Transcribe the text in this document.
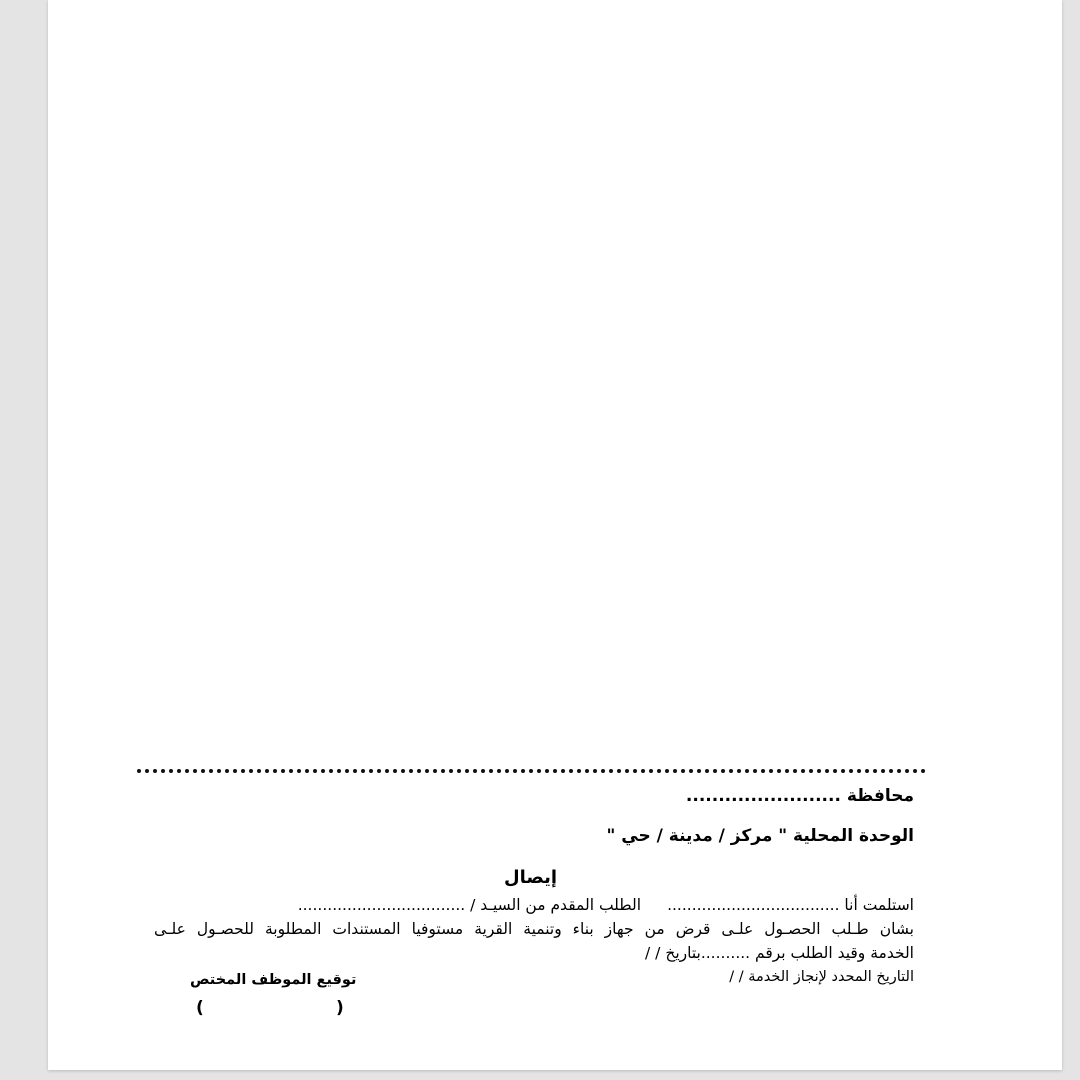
محافظة ........................
الوحدة المحلية " مركز / مدينة / حي "
إيصال
استلمت أنا ...................................الطلب المقدم من السيـد / ..................................
بشان طـلب الحصـول علـى قرض من جهاز بناء وتنمية القرية مستوفيا المستندات المطلوبة للحصـول علـى
الخدمة وقيد الطلب برقم ..........بتاريخ / /
التاريخ المحدد لإنجاز الخدمة / /
توقيع الموظف المختص
(	)
